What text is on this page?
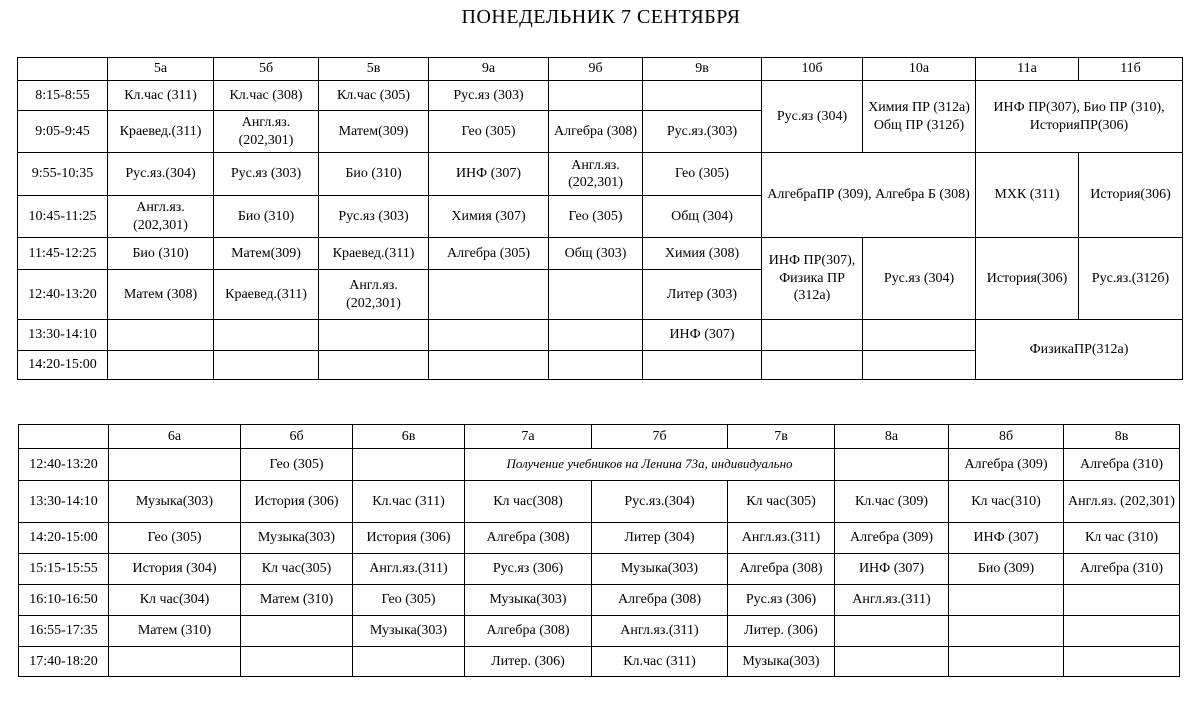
ПОНЕДЕЛЬНИК 7 СЕНТЯБРЯ
	5а	5б	5в	9а	9б	9в	10б	10а	11а	11б
8:15-8:55	Кл.час (311)	Кл.час (308)	Кл.час (305)	Рус.яз (303)			Рус.яз (304)	Химия ПР (312а) Общ ПР (312б)	ИНФ ПР(307), Био ПР (310), ИсторияПР(306)	
9:05-9:45	Краевед.(311)	Англ.яз. (202,301)	Матем(309)	Гео (305)	Алгебра (308)	Рус.яз.(303)				
9:55-10:35	Рус.яз.(304)	Рус.яз (303)	Био (310)	ИНФ (307)	Англ.яз. (202,301)	Гео (305)	АлгебраПР (309), Алгебра Б (308)		МХК (311)	История(306)
10:45-11:25	Англ.яз. (202,301)	Био (310)	Рус.яз (303)	Химия (307)	Гео (305)	Общ (304)				
11:45-12:25	Био (310)	Матем(309)	Краевед.(311)	Алгебра (305)	Общ (303)	Химия (308)	ИНФ ПР(307), Физика ПР (312а)	Рус.яз (304)	История(306)	Рус.яз.(312б)
12:40-13:20	Матем (308)	Краевед.(311)	Англ.яз. (202,301)			Литер (303)				
13:30-14:10						ИНФ (307)			ФизикаПР(312а)	
14:20-15:00										
	6а	6б	6в	7а	7б	7в	8а	8б	8в
12:40-13:20		Гео (305)		Получение учебников на Ленина 73а, индивидуально				Алгебра (309)	Алгебра (310)
13:30-14:10	Музыка(303)	История (306)	Кл.час (311)	Кл час(308)	Рус.яз.(304)	Кл час(305)	Кл.час (309)	Кл час(310)	Англ.яз. (202,301)
14:20-15:00	Гео (305)	Музыка(303)	История (306)	Алгебра (308)	Литер (304)	Англ.яз.(311)	Алгебра (309)	ИНФ (307)	Кл час (310)
15:15-15:55	История (304)	Кл час(305)	Англ.яз.(311)	Рус.яз (306)	Музыка(303)	Алгебра (308)	ИНФ (307)	Био (309)	Алгебра (310)
16:10-16:50	Кл час(304)	Матем (310)	Гео (305)	Музыка(303)	Алгебра (308)	Рус.яз (306)	Англ.яз.(311)		
16:55-17:35	Матем (310)		Музыка(303)	Алгебра (308)	Англ.яз.(311)	Литер. (306)			
17:40-18:20				Литер. (306)	Кл.час (311)	Музыка(303)			
